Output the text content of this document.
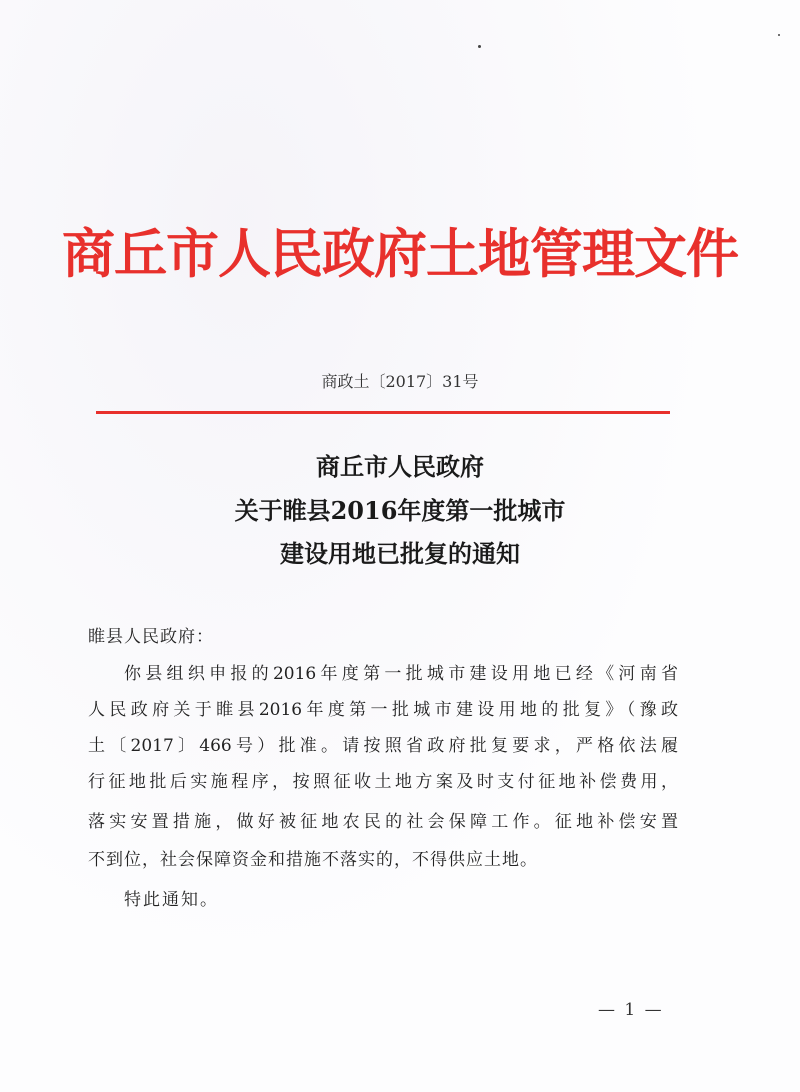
商丘市人民政府土地管理文件
商政土〔2017〕31号
商丘市人民政府
关于睢县2016年度第一批城市
建设用地已批复的通知
睢县人民政府：
你县组织申报的2016年度第一批城市建设用地已经《河南省
人民政府关于睢县2016年度第一批城市建设用地的批复》（豫政
土〔2017〕466号）批准。请按照省政府批复要求，严格依法履
行征地批后实施程序，按照征收土地方案及时支付征地补偿费用，
落实安置措施，做好被征地农民的社会保障工作。征地补偿安置
不到位，社会保障资金和措施不落实的，不得供应土地。
特此通知。
— 1 —
